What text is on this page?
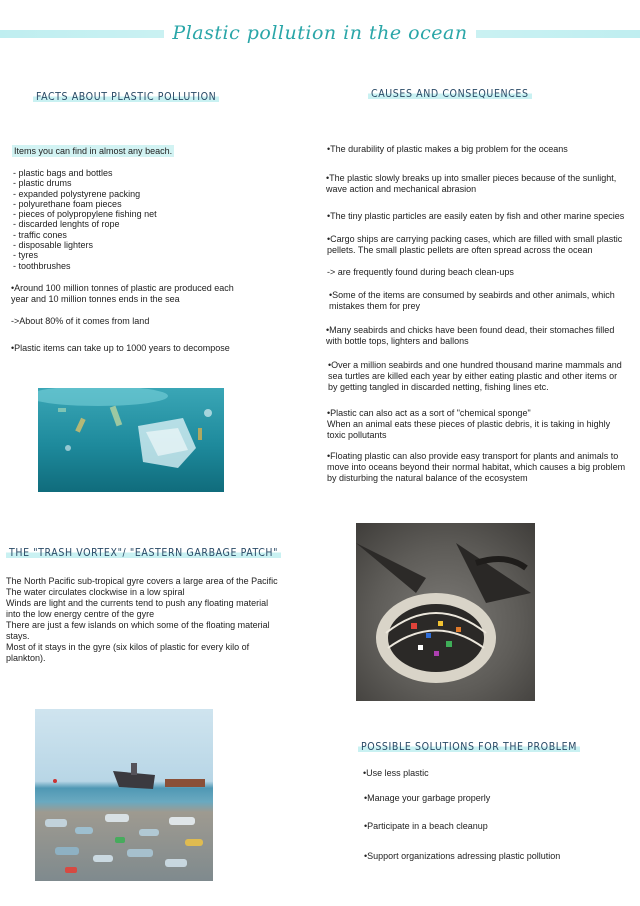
Plastic pollution in the ocean
FACTS ABOUT PLASTIC POLLUTION
Items you can find in almost any beach.
- plastic bags and bottles
- plastic drums
- expanded polystyrene packing
- polyurethane foam pieces
- pieces of polypropylene fishing net
- discarded lenghts of rope
- traffic cones
- disposable lighters
- tyres
- toothbrushes
•Around 100 million tonnes of plastic are produced each year and 10 million tonnes ends in the sea
->About 80% of it comes from land
•Plastic items can take up to 1000 years to decompose
CAUSES AND CONSEQUENCES
•The durability of plastic makes a big problem for the oceans
•The plastic slowly breaks up into smaller pieces because of the sunlight, wave action and mechanical abrasion
•The tiny plastic particles are easily eaten by fish and other marine species
•Cargo ships are carrying packing cases, which are filled with small plastic pellets. The small plastic pellets are often spread across the ocean
-> are frequently found during beach clean-ups
•Some of the items are consumed by seabirds and other animals, which mistakes them for prey
•Many seabirds and chicks have been found dead, their stomaches filled with bottle tops, lighters and ballons
•Over a million seabirds and one hundred thousand marine mammals and sea turtles are killed each year by either eating plastic and other items or by getting tangled in discarded netting, fishing lines etc.
•Plastic can also act as a sort of "chemical sponge"
When an animal eats these pieces of plastic debris, it is taking in highly toxic pollutants
•Floating plastic can also provide easy transport for plants and animals to move into oceans beyond their normal habitat, which causes a big problem by disturbing the natural balance of the ecosystem
THE "TRASH VORTEX"/ "EASTERN GARBAGE PATCH"
The North Pacific sub-tropical gyre covers a large area of the Pacific
The water circulates clockwise in a low spiral
Winds are light and the currents tend to push any floating material into the low energy centre of the gyre
There are just a few islands on which some of the floating material stays.
Most of it stays in the gyre (six kilos of plastic for every kilo of plankton).
POSSIBLE SOLUTIONS FOR THE PROBLEM
•Use less plastic
•Manage your garbage properly
•Participate in a beach cleanup
•Support organizations adressing plastic pollution
